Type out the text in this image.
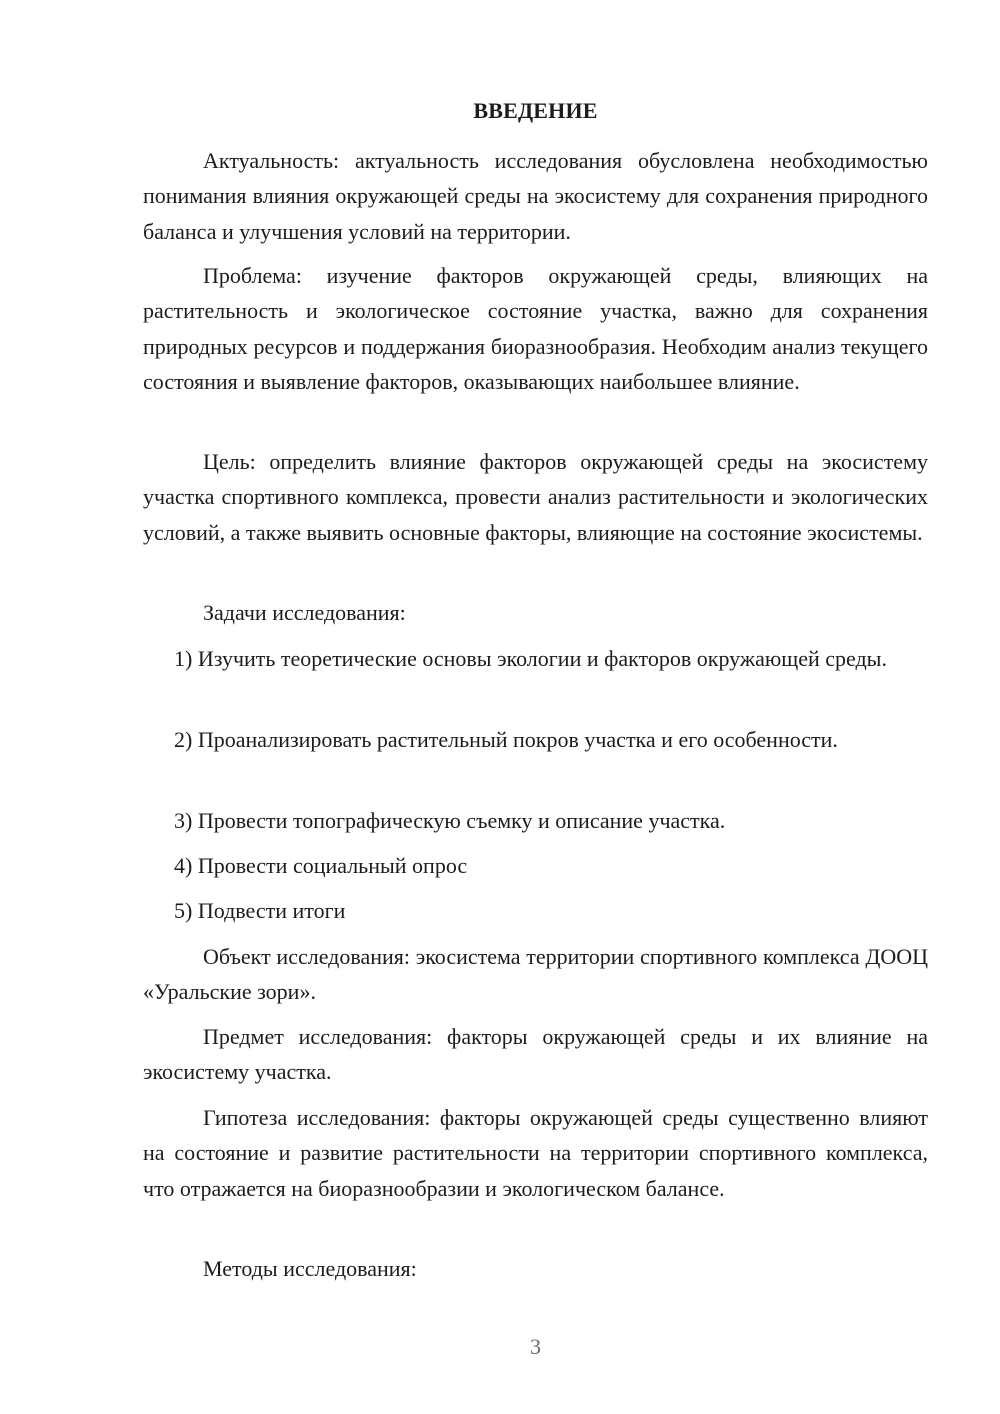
ВВЕДЕНИЕ

Актуальность: актуальность исследования обусловлена необходимостью понимания влияния окружающей среды на экосистему для сохранения природного баланса и улучшения условий на территории.

Проблема: изучение факторов окружающей среды, влияющих на растительность и экологическое состояние участка, важно для сохранения природных ресурсов и поддержания биоразнообразия. Необходим анализ текущего состояния и выявление факторов, оказывающих наибольшее влияние.

Цель: определить влияние факторов окружающей среды на экосистему участка спортивного комплекса, провести анализ растительности и экологических условий, а также выявить основные факторы, влияющие на состояние экосистемы.

Задачи исследования:

1) Изучить теоретические основы экологии и факторов окружающей среды.

2) Проанализировать растительный покров участка и его особенности.

3) Провести топографическую съемку и описание участка.

4) Провести социальный опрос

5) Подвести итоги

Объект исследования: экосистема территории спортивного комплекса ДООЦ «Уральские зори».

Предмет исследования: факторы окружающей среды и их влияние на экосистему участка.

Гипотеза исследования: факторы окружающей среды существенно влияют на состояние и развитие растительности на территории спортивного комплекса, что отражается на биоразнообразии и экологическом балансе.

Методы исследования:

3
